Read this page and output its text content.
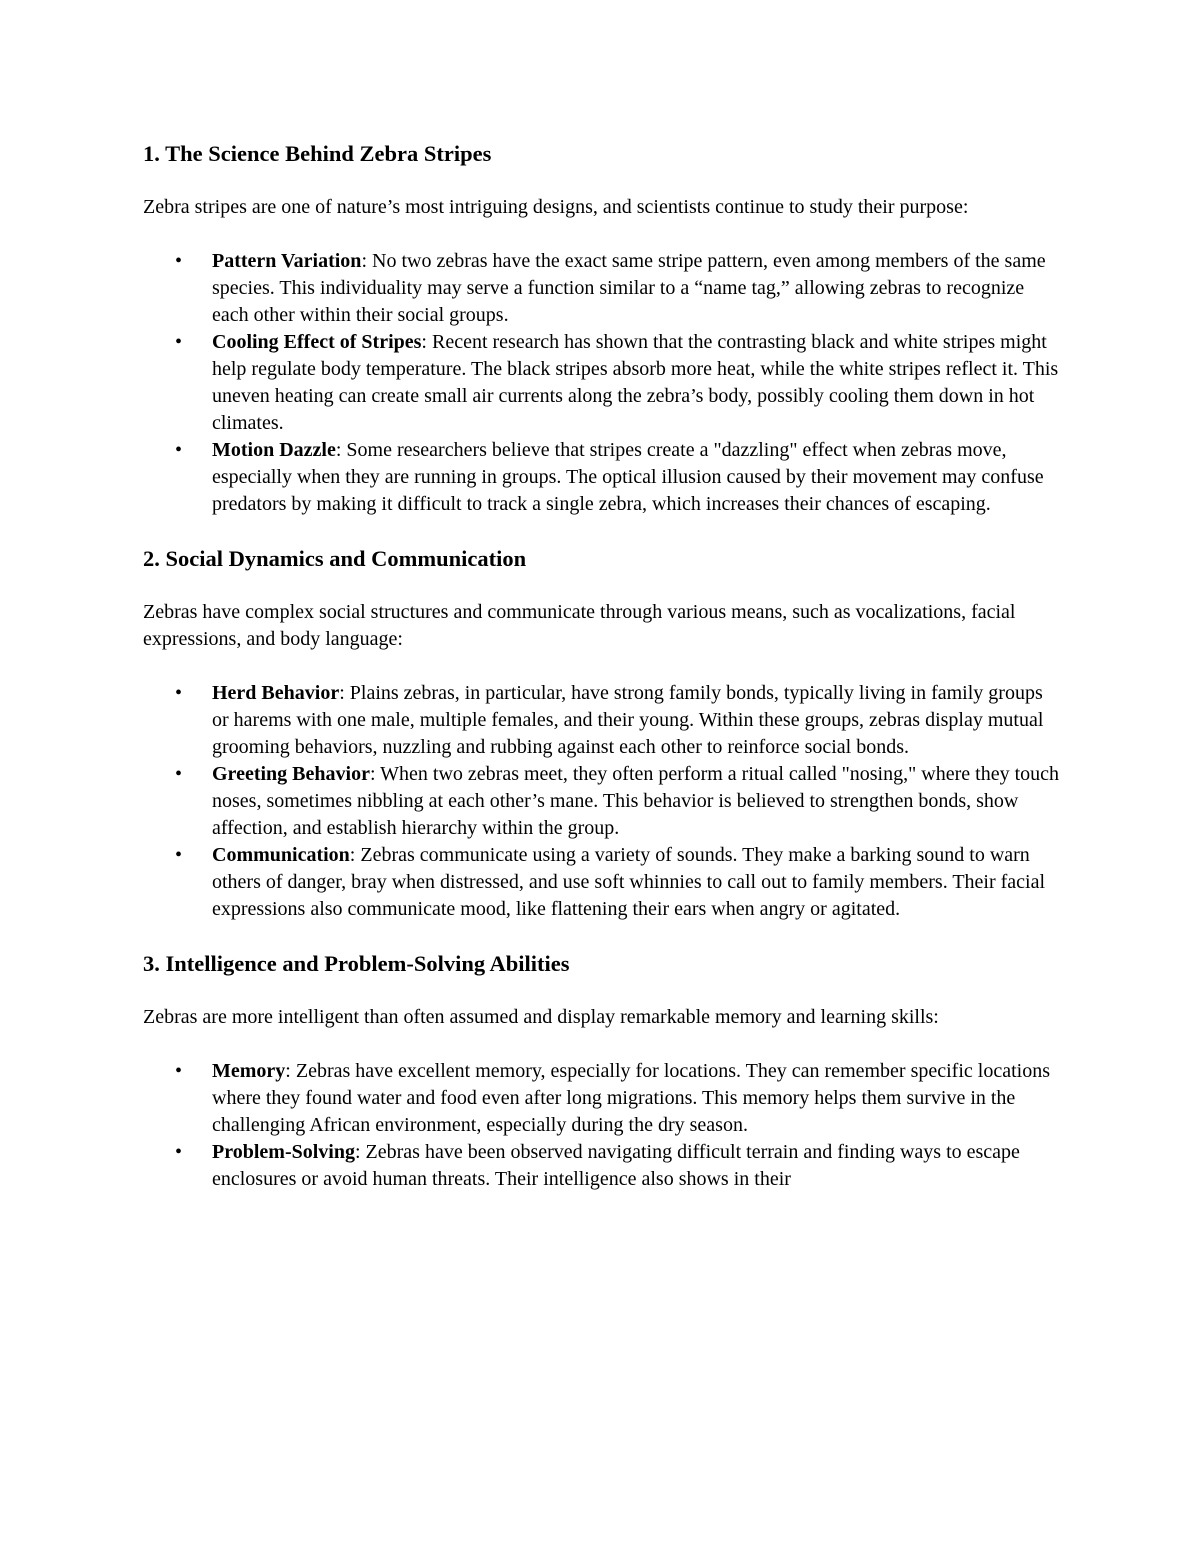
1. The Science Behind Zebra Stripes

Zebra stripes are one of nature’s most intriguing designs, and scientists continue to study their purpose:

• Pattern Variation: No two zebras have the exact same stripe pattern, even among members of the same species. This individuality may serve a function similar to a “name tag,” allowing zebras to recognize each other within their social groups.
• Cooling Effect of Stripes: Recent research has shown that the contrasting black and white stripes might help regulate body temperature. The black stripes absorb more heat, while the white stripes reflect it. This uneven heating can create small air currents along the zebra’s body, possibly cooling them down in hot climates.
• Motion Dazzle: Some researchers believe that stripes create a "dazzling" effect when zebras move, especially when they are running in groups. The optical illusion caused by their movement may confuse predators by making it difficult to track a single zebra, which increases their chances of escaping.
2. Social Dynamics and Communication

Zebras have complex social structures and communicate through various means, such as vocalizations, facial expressions, and body language:

• Herd Behavior: Plains zebras, in particular, have strong family bonds, typically living in family groups or harems with one male, multiple females, and their young. Within these groups, zebras display mutual grooming behaviors, nuzzling and rubbing against each other to reinforce social bonds.
• Greeting Behavior: When two zebras meet, they often perform a ritual called "nosing," where they touch noses, sometimes nibbling at each other’s mane. This behavior is believed to strengthen bonds, show affection, and establish hierarchy within the group.
• Communication: Zebras communicate using a variety of sounds. They make a barking sound to warn others of danger, bray when distressed, and use soft whinnies to call out to family members. Their facial expressions also communicate mood, like flattening their ears when angry or agitated.
3. Intelligence and Problem-Solving Abilities

Zebras are more intelligent than often assumed and display remarkable memory and learning skills:

• Memory: Zebras have excellent memory, especially for locations. They can remember specific locations where they found water and food even after long migrations. This memory helps them survive in the challenging African environment, especially during the dry season.
• Problem-Solving: Zebras have been observed navigating difficult terrain and finding ways to escape enclosures or avoid human threats. Their intelligence also shows in their
